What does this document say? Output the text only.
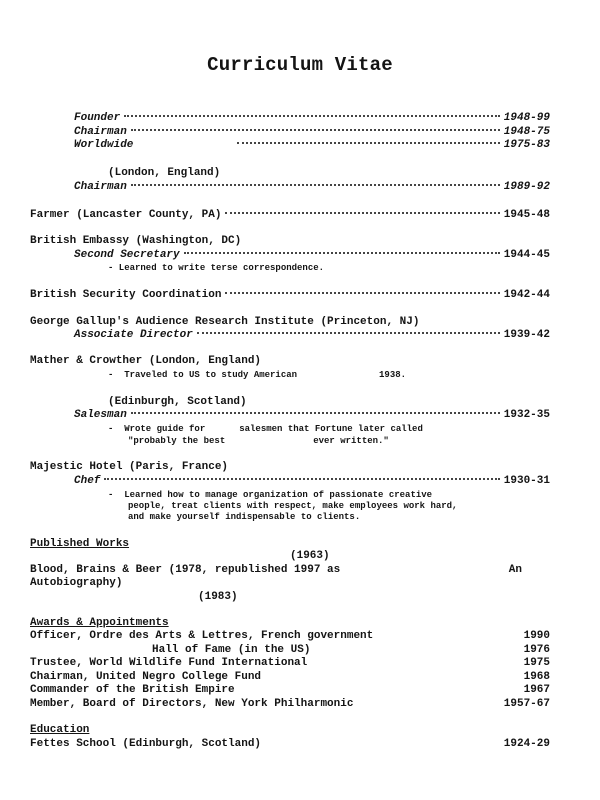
Curriculum Vitae
Founder	1948-99
Chairman	1948-75
Worldwide	1975-83
(London, England)
Chairman	1989-92
Farmer (Lancaster County, PA)	1945-48
British Embassy (Washington, DC)
Second Secretary	1944-45
- Learned to write terse correspondence.
British Security Coordination	1942-44
George Gallup's Audience Research Institute (Princeton, NJ)
Associate Director	1939-42
Mather & Crowther (London, England)
-  Traveled to US to study American	1938.
(Edinburgh, Scotland)
Salesman	1932-35
-  Wrote guide for	salesmen that Fortune later called
"probably the best	ever written."
Majestic Hotel (Paris, France)
Chef	1930-31
-  Learned how to manage organization of passionate creative
people, treat clients with respect, make employees work hard,
and make yourself indispensable to clients.
Published Works
(1963)
Blood, Brains & Beer (1978, republished 1997 as	An
Autobiography)
(1983)
Awards & Appointments
Officer, Ordre des Arts & Lettres, French government	1990
Hall of Fame (in the US)	1976
Trustee, World Wildlife Fund International	1975
Chairman, United Negro College Fund	1968
Commander of the British Empire	1967
Member, Board of Directors, New York Philharmonic	1957-67
Education
Fettes School (Edinburgh, Scotland)	1924-29
